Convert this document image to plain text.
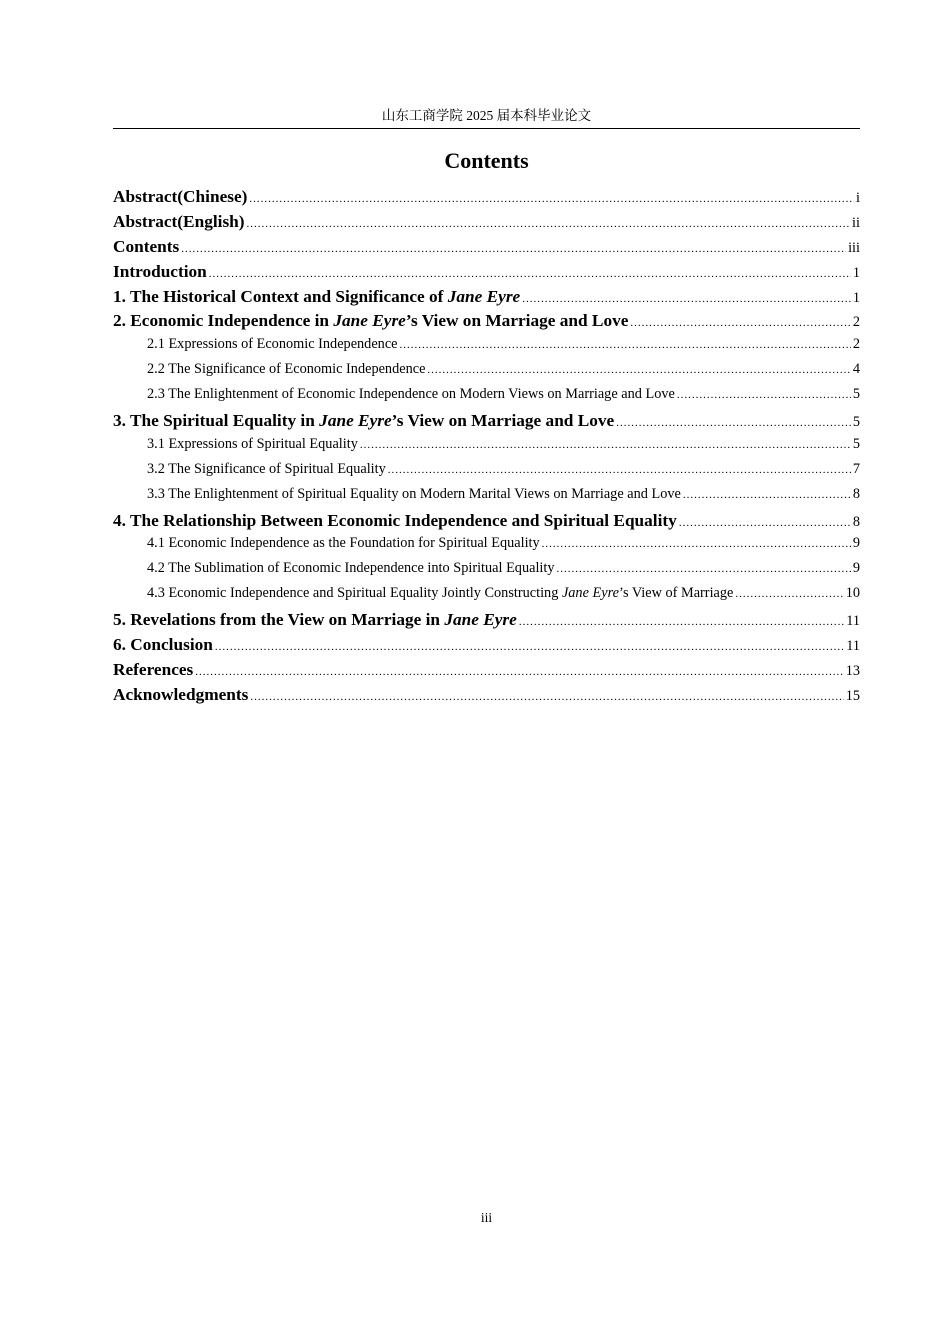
山东工商学院 2025 届本科毕业论文
Contents
Abstract(Chinese) .....	i
Abstract(English) .....	ii
Contents .....	iii
Introduction .....	1
1. The Historical Context and Significance of Jane Eyre .....	1
2. Economic Independence in Jane Eyre’s View on Marriage and Love .....	2
2.1 Expressions of Economic Independence .....	2
2.2 The Significance of Economic Independence .....	4
2.3 The Enlightenment of Economic Independence on Modern Views on Marriage and Love .....	5
3. The Spiritual Equality in Jane Eyre’s View on Marriage and Love .....	5
3.1 Expressions of Spiritual Equality .....	5
3.2 The Significance of Spiritual Equality .....	7
3.3 The Enlightenment of Spiritual Equality on Modern Marital Views on Marriage and Love .....	8
4. The Relationship Between Economic Independence and Spiritual Equality .....	8
4.1 Economic Independence as the Foundation for Spiritual Equality .....	9
4.2 The Sublimation of Economic Independence into Spiritual Equality .....	9
4.3 Economic Independence and Spiritual Equality Jointly Constructing Jane Eyre’s View of Marriage .....	10
5. Revelations from the View on Marriage in Jane Eyre .....	11
6. Conclusion .....	11
References .....	13
Acknowledgments .....	15
iii
